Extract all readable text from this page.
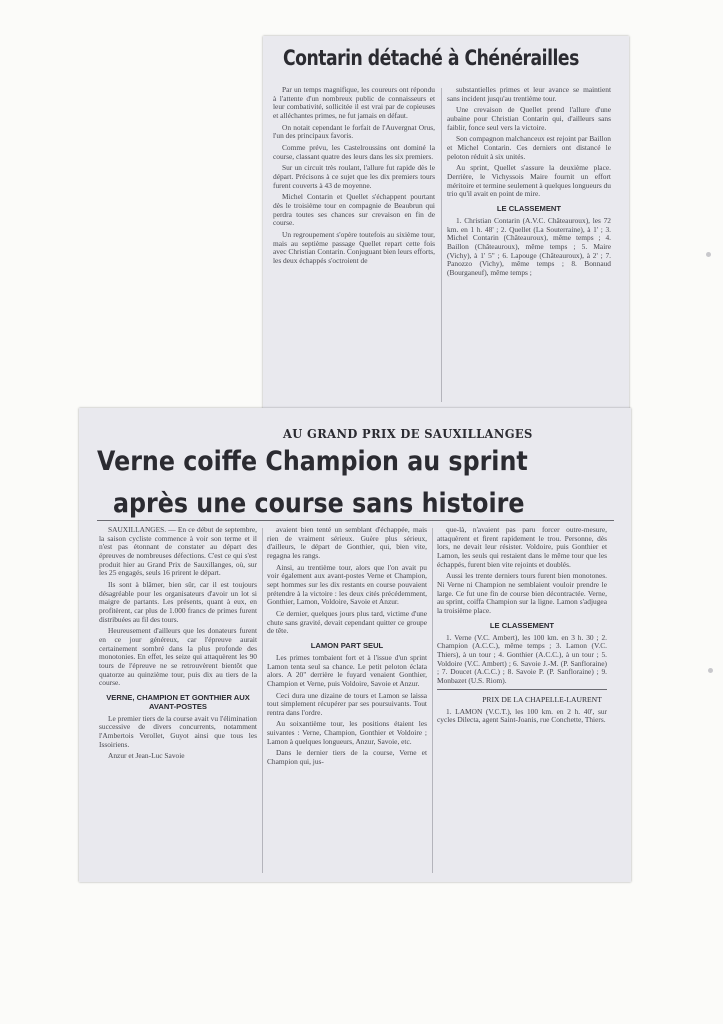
Contarin détaché à Chénérailles

Par un temps magnifique, les coureurs ont répondu à l'attente d'un nombreux public de connaisseurs et leur combativité, sollicitée il est vrai par de copieuses et alléchantes primes, ne fut jamais en défaut.

On notait cependant le forfait de l'Auvergnat Orus, l'un des principaux favoris.

Comme prévu, les Castelroussins ont dominé la course, classant quatre des leurs dans les six premiers.

Sur un circuit très roulant, l'allure fut rapide dès le départ. Précisons à ce sujet que les dix premiers tours furent couverts à 43 de moyenne.

Michel Contarin et Quellet s'échappent pourtant dès le troisième tour en compagnie de Beaubrun qui perdra toutes ses chances sur crevaison en fin de course.

Un regroupement s'opère toutefois au sixième tour, mais au septième passage Quellet repart cette fois avec Christian Contarin. Conjuguant bien leurs efforts, les deux échappés s'octroient de

substantielles primes et leur avance se maintient sans incident jusqu'au trentième tour.

Une crevaison de Quellet prend l'allure d'une aubaine pour Christian Contarin qui, d'ailleurs sans faiblir, fonce seul vers la victoire.

Son compagnon malchanceux est rejoint par Baillon et Michel Contarin. Ces derniers ont distancé le peloton réduit à six unités.

Au sprint, Quellet s'assure la deuxième place. Derrière, le Vichyssois Maire fournit un effort méritoire et termine seulement à quelques longueurs du trio qu'il avait en point de mire.

LE CLASSEMENT

1. Christian Contarin (A.V.C. Châteauroux), les 72 km. en 1 h. 48' ; 2. Quellet (La Souterraine), à 1' ; 3. Michel Contarin (Châteauroux), même temps ; 4. Baillon (Châteauroux), même temps ; 5. Maire (Vichy), à 1' 5" ; 6. Lapouge (Châteauroux), à 2' ; 7. Panozzo (Vichy), même temps ; 8. Bonnaud (Bourganeuf), même temps ;

AU GRAND PRIX DE SAUXILLANGES
Verne coiffe Champion au sprint
après une course sans histoire

SAUXILLANGES. — En ce début de septembre, la saison cycliste commence à voir son terme et il n'est pas étonnant de constater au départ des épreuves de nombreuses défections. C'est ce qui s'est produit hier au Grand Prix de Sauxillanges, où, sur les 25 engagés, seuls 16 prirent le départ.

Ils sont à blâmer, bien sûr, car il est toujours désagréable pour les organisateurs d'avoir un lot si maigre de partants. Les présents, quant à eux, en profitèrent, car plus de 1.000 francs de primes furent distribuées au fil des tours.

Heureusement d'ailleurs que les donateurs furent en ce jour généreux, car l'épreuve aurait certainement sombré dans la plus profonde des monotonies. En effet, les seize qui attaquèrent les 90 tours de l'épreuve ne se retrouvèrent bientôt que quatorze au quinzième tour, puis dix au tiers de la course.

VERNE, CHAMPION ET GONTHIER AUX AVANT-POSTES

Le premier tiers de la course avait vu l'élimination successive de divers concurrents, notamment l'Ambertois Verollet, Guyot ainsi que tous les Issoiriens.

Anzur et Jean-Luc Savoie

avaient bien tenté un semblant d'échappée, mais rien de vraiment sérieux. Guère plus sérieux, d'ailleurs, le départ de Gonthier, qui, bien vite, regagna les rangs.

Ainsi, au trentième tour, alors que l'on avait pu voir également aux avant-postes Verne et Champion, sept hommes sur les dix restants en course pouvaient prétendre à la victoire : les deux cités précédemment, Gonthier, Lamon, Voldoire, Savoie et Anzur.

Ce dernier, quelques jours plus tard, victime d'une chute sans gravité, devait cependant quitter ce groupe de tête.

LAMON PART SEUL

Les primes tombaient fort et à l'issue d'un sprint Lamon tenta seul sa chance. Le petit peloton éclata alors. A 20" derrière le fuyard venaient Gonthier, Champion et Verne, puis Voldoire, Savoie et Anzur.

Ceci dura une dizaine de tours et Lamon se laissa tout simplement récupérer par ses poursuivants. Tout rentra dans l'ordre.

Au soixantième tour, les positions étaient les suivantes : Verne, Champion, Gonthier et Voldoire ; Lamon à quelques longueurs, Anzur, Savoie, etc.

Dans le dernier tiers de la course, Verne et Champion qui, jus-

que-là, n'avaient pas paru forcer outre-mesure, attaquèrent et firent rapidement le trou. Personne, dès lors, ne devait leur résister. Voldoire, puis Gonthier et Lamon, les seuls qui restaient dans le même tour que les échappés, furent bien vite rejoints et doublés.

Aussi les trente derniers tours furent bien monotones. Ni Verne ni Champion ne semblaient vouloir prendre le large. Ce fut une fin de course bien décontractée. Verne, au sprint, coiffa Champion sur la ligne. Lamon s'adjugea la troisième place.

LE CLASSEMENT

1. Verne (V.C. Ambert), les 100 km. en 3 h. 30 ; 2. Champion (A.C.C.), même temps ; 3. Lamon (V.C. Thiers), à un tour ; 4. Gonthier (A.C.C.), à un tour ; 5. Voldoire (V.C. Ambert) ; 6. Savoie J.-M. (P. Sanfloraine) ; 7. Doucet (A.C.C.) ; 8. Savoie P. (P. Sanfloraine) ; 9. Monbazet (U.S. Riom).

PRIX DE LA CHAPELLE-LAURENT

1. LAMON (V.C.T.), les 100 km. en 2 h. 40', sur cycles Dilecta, agent Saint-Joanis, rue Conchette, Thiers.
